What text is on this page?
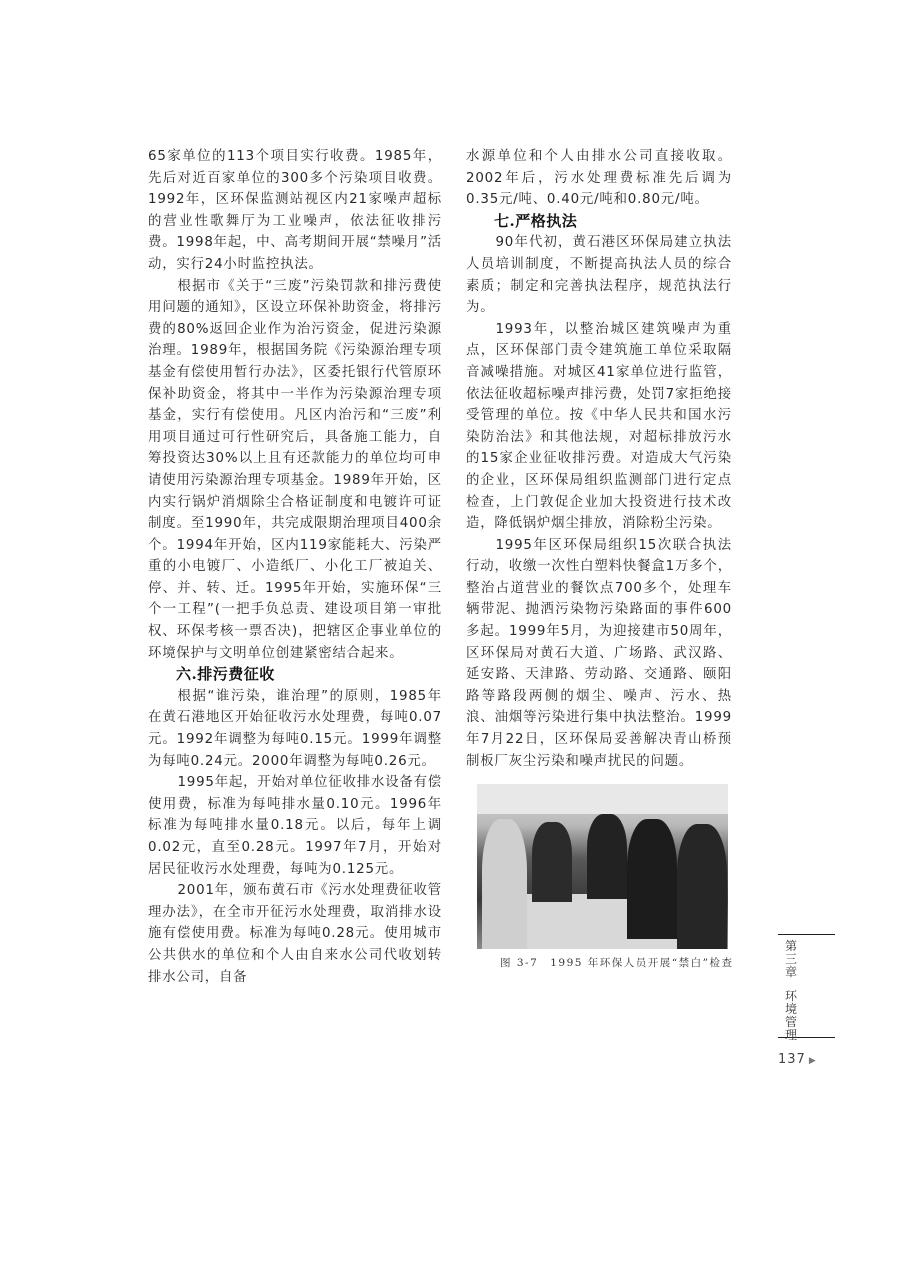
65家单位的113个项目实行收费。1985年，先后对近百家单位的300多个污染项目收费。1992年，区环保监测站视区内21家噪声超标的营业性歌舞厅为工业噪声，依法征收排污费。1998年起，中、高考期间开展“禁噪月”活动，实行24小时监控执法。

根据市《关于“三废”污染罚款和排污费使用问题的通知》，区设立环保补助资金，将排污费的80%返回企业作为治污资金，促进污染源治理。1989年，根据国务院《污染源治理专项基金有偿使用暂行办法》，区委托银行代管原环保补助资金，将其中一半作为污染源治理专项基金，实行有偿使用。凡区内治污和“三废”利用项目通过可行性研究后，具备施工能力，自筹投资达30%以上且有还款能力的单位均可申请使用污染源治理专项基金。1989年开始，区内实行锅炉消烟除尘合格证制度和电镀许可证制度。至1990年，共完成限期治理项目400余个。1994年开始，区内119家能耗大、污染严重的小电镀厂、小造纸厂、小化工厂被迫关、停、并、转、迁。1995年开始，实施环保“三个一工程”(一把手负总责、建设项目第一审批权、环保考核一票否决)，把辖区企事业单位的环境保护与文明单位创建紧密结合起来。

六.排污费征收

根据“谁污染，谁治理”的原则，1985年在黄石港地区开始征收污水处理费，每吨0.07元。1992年调整为每吨0.15元。1999年调整为每吨0.24元。2000年调整为每吨0.26元。

1995年起，开始对单位征收排水设备有偿使用费，标准为每吨排水量0.10元。1996年标准为每吨排水量0.18元。以后，每年上调0.02元，直至0.28元。1997年7月，开始对居民征收污水处理费，每吨为0.125元。

2001年，颁布黄石市《污水处理费征收管理办法》，在全市开征污水处理费，取消排水设施有偿使用费。标准为每吨0.28元。使用城市公共供水的单位和个人由自来水公司代收划转排水公司，自备

水源单位和个人由排水公司直接收取。2002年后，污水处理费标准先后调为0.35元/吨、0.40元/吨和0.80元/吨。

七.严格执法

90年代初，黄石港区环保局建立执法人员培训制度，不断提高执法人员的综合素质；制定和完善执法程序，规范执法行为。

1993年，以整治城区建筑噪声为重点，区环保部门责令建筑施工单位采取隔音减噪措施。对城区41家单位进行监管，依法征收超标噪声排污费，处罚7家拒绝接受管理的单位。按《中华人民共和国水污染防治法》和其他法规，对超标排放污水的15家企业征收排污费。对造成大气污染的企业，区环保局组织监测部门进行定点检查，上门敦促企业加大投资进行技术改造，降低锅炉烟尘排放，消除粉尘污染。

1995年区环保局组织15次联合执法行动，收缴一次性白塑料快餐盒1万多个，整治占道营业的餐饮点700多个，处理车辆带泥、抛洒污染物污染路面的事件600多起。1999年5月，为迎接建市50周年，区环保局对黄石大道、广场路、武汉路、延安路、天津路、劳动路、交通路、颐阳路等路段两侧的烟尘、噪声、污水、热浪、油烟等污染进行集中执法整治。1999年7月22日，区环保局妥善解决青山桥预制板厂灰尘污染和噪声扰民的问题。

图 3-7　1995 年环保人员开展“禁白”检查
第
三
章
环
境
管
理
137 ▶
